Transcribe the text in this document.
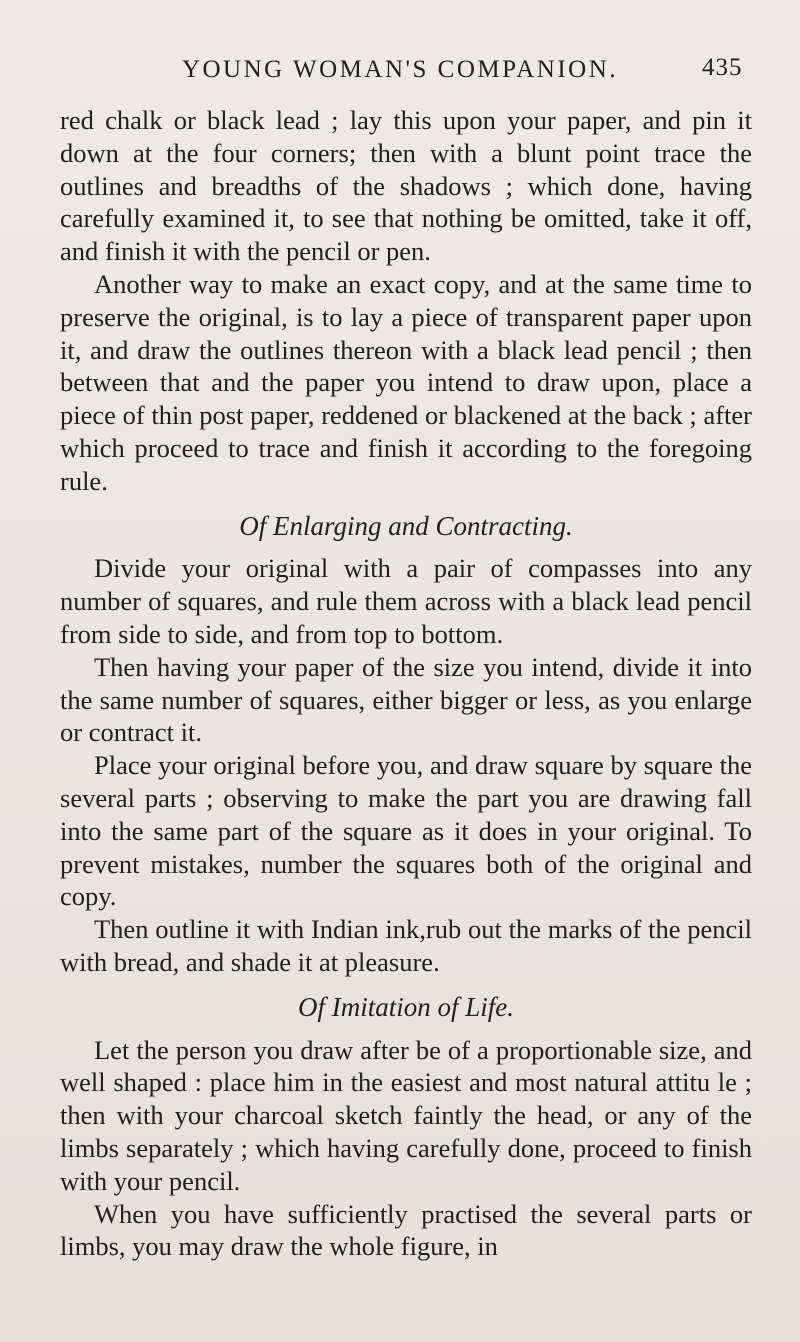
YOUNG WOMAN'S COMPANION.	435

red chalk or black lead ; lay this upon your paper, and pin it down at the four corners; then with a blunt point trace the outlines and breadths of the shadows ; which done, having carefully examined it, to see that nothing be omitted, take it off, and finish it with the pencil or pen.

Another way to make an exact copy, and at the same time to preserve the original, is to lay a piece of transparent paper upon it, and draw the outlines thereon with a black lead pencil ; then between that and the paper you intend to draw upon, place a piece of thin post paper, reddened or blackened at the back ; after which proceed to trace and finish it according to the foregoing rule.

Of Enlarging and Contracting.

Divide your original with a pair of compasses into any number of squares, and rule them across with a black lead pencil from side to side, and from top to bottom.

Then having your paper of the size you intend, divide it into the same number of squares, either bigger or less, as you enlarge or contract it.

Place your original before you, and draw square by square the several parts ; observing to make the part you are drawing fall into the same part of the square as it does in your original. To prevent mistakes, number the squares both of the original and copy.

Then outline it with Indian ink,rub out the marks of the pencil with bread, and shade it at pleasure.

Of Imitation of Life.

Let the person you draw after be of a proportionable size, and well shaped : place him in the easiest and most natural attitu le ; then with your charcoal sketch faintly the head, or any of the limbs separately ; which having carefully done, proceed to finish with your pencil.

When you have sufficiently practised the several parts or limbs, you may draw the whole figure, in
